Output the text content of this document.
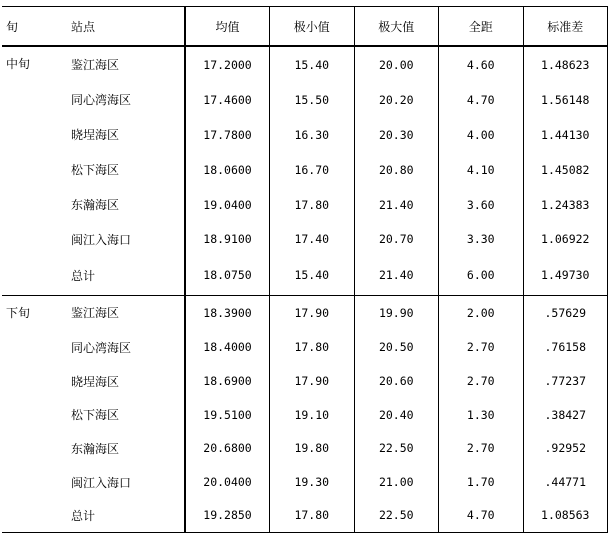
旬	站点	均值	极小值	极大值	全距	标准差
中旬	鉴江海区	17.2000	15.40	20.00	4.60	1.48623
	同心湾海区	17.4600	15.50	20.20	4.70	1.56148
	晓埕海区	17.7800	16.30	20.30	4.00	1.44130
	松下海区	18.0600	16.70	20.80	4.10	1.45082
	东瀚海区	19.0400	17.80	21.40	3.60	1.24383
	闽江入海口	18.9100	17.40	20.70	3.30	1.06922
	总计	18.0750	15.40	21.40	6.00	1.49730
下旬	鉴江海区	18.3900	17.90	19.90	2.00	.57629
	同心湾海区	18.4000	17.80	20.50	2.70	.76158
	晓埕海区	18.6900	17.90	20.60	2.70	.77237
	松下海区	19.5100	19.10	20.40	1.30	.38427
	东瀚海区	20.6800	19.80	22.50	2.70	.92952
	闽江入海口	20.0400	19.30	21.00	1.70	.44771
	总计	19.2850	17.80	22.50	4.70	1.08563
